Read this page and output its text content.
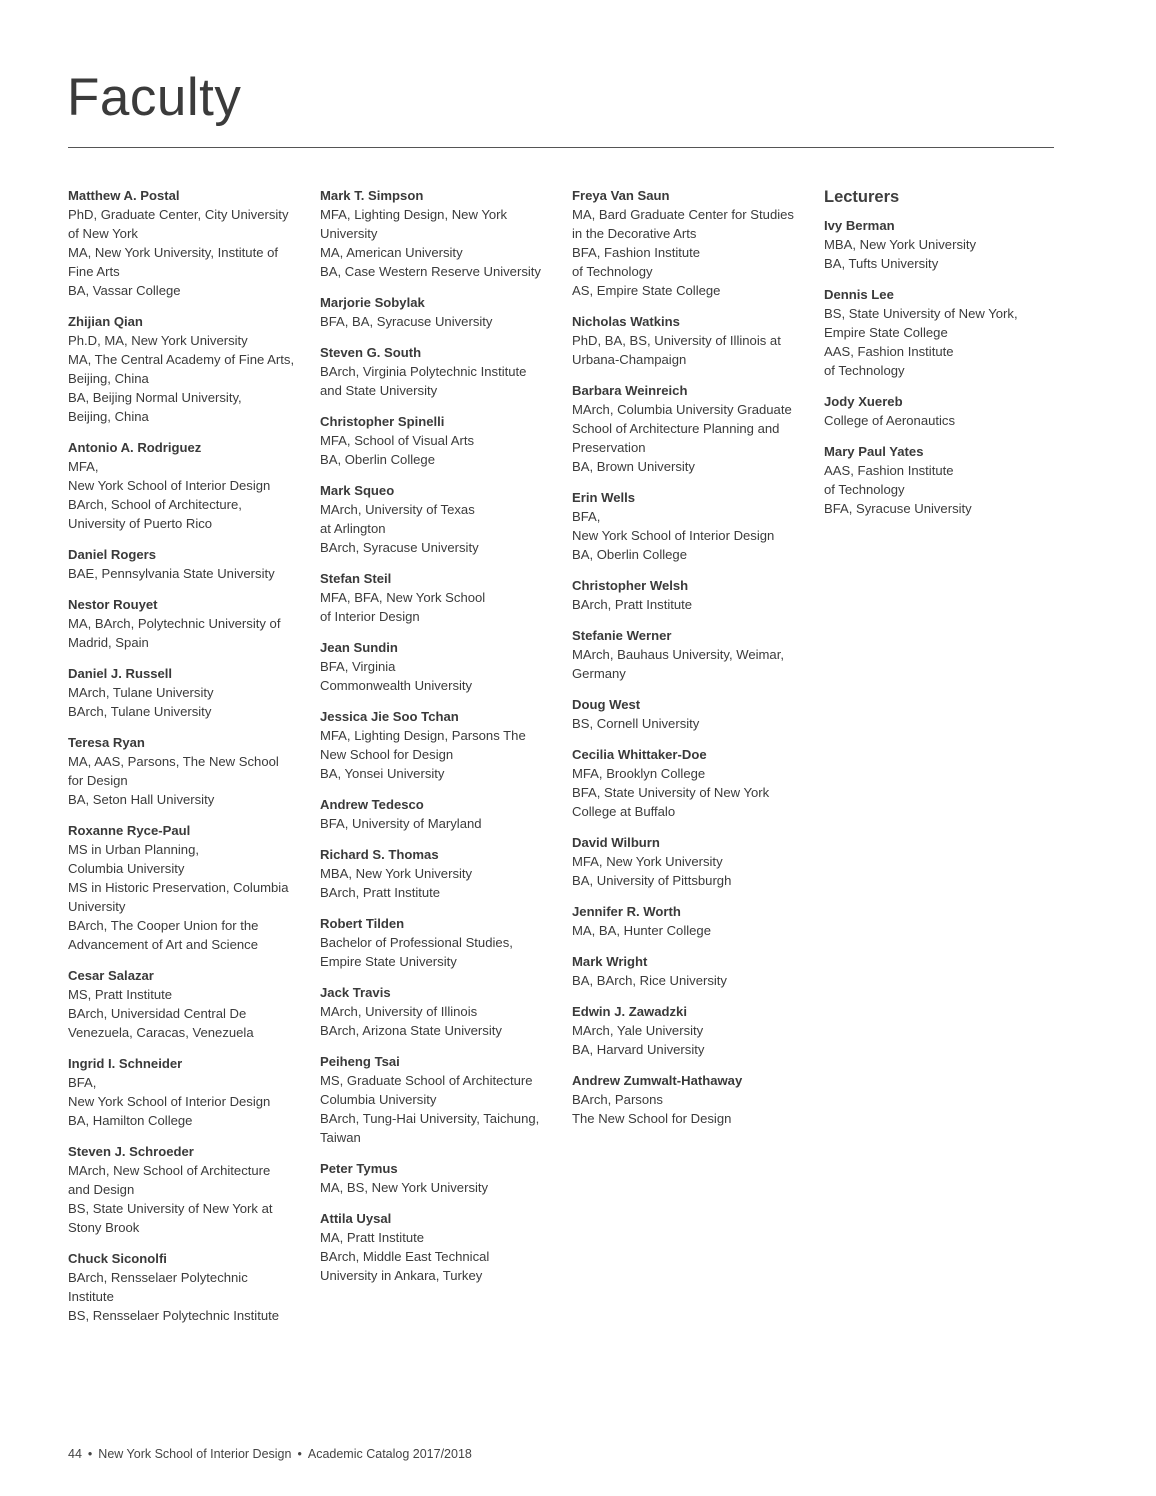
Faculty
Matthew A. Postal
PhD, Graduate Center, City University
of New York
MA, New York University, Institute of
Fine Arts
BA, Vassar College
Zhijian Qian
Ph.D, MA, New York University
MA, The Central Academy of Fine Arts,
Beijing, China
BA, Beijing Normal University,
Beijing, China
Antonio A. Rodriguez
MFA,
New York School of Interior Design
BArch, School of Architecture,
University of Puerto Rico
Daniel Rogers
BAE, Pennsylvania State University
Nestor Rouyet
MA, BArch, Polytechnic University of
Madrid, Spain
Daniel J. Russell
MArch, Tulane University
BArch, Tulane University
Teresa Ryan
MA, AAS, Parsons, The New School
for Design
BA, Seton Hall University
Roxanne Ryce-Paul
MS in Urban Planning,
Columbia University
MS in Historic Preservation, Columbia
University
BArch, The Cooper Union for the
Advancement of Art and Science
Cesar Salazar
MS, Pratt Institute
BArch, Universidad Central De
Venezuela, Caracas, Venezuela
Ingrid I. Schneider
BFA,
New York School of Interior Design
BA, Hamilton College
Steven J. Schroeder
MArch, New School of Architecture
and Design
BS, State University of New York at
Stony Brook
Chuck Siconolfi
BArch, Rensselaer Polytechnic
Institute
BS, Rensselaer Polytechnic Institute
Mark T. Simpson
MFA, Lighting Design, New York
University
MA, American University
BA, Case Western Reserve University
Marjorie Sobylak
BFA, BA, Syracuse University
Steven G. South
BArch, Virginia Polytechnic Institute
and State University
Christopher Spinelli
MFA, School of Visual Arts
BA, Oberlin College
Mark Squeo
MArch, University of Texas
at Arlington
BArch, Syracuse University
Stefan Steil
MFA, BFA, New York School
of Interior Design
Jean Sundin
BFA, Virginia
Commonwealth University
Jessica Jie Soo Tchan
MFA, Lighting Design, Parsons The
New School for Design
BA, Yonsei University
Andrew Tedesco
BFA, University of Maryland
Richard S. Thomas
MBA, New York University
BArch, Pratt Institute
Robert Tilden
Bachelor of Professional Studies,
Empire State University
Jack Travis
MArch, University of Illinois
BArch, Arizona State University
Peiheng Tsai
MS, Graduate School of Architecture
Columbia University
BArch, Tung-Hai University, Taichung,
Taiwan
Peter Tymus
MA, BS, New York University
Attila Uysal
MA, Pratt Institute
BArch, Middle East Technical
University in Ankara, Turkey
Freya Van Saun
MA, Bard Graduate Center for Studies
in the Decorative Arts
BFA, Fashion Institute
of Technology
AS, Empire State College
Nicholas Watkins
PhD, BA, BS, University of Illinois at
Urbana-Champaign
Barbara Weinreich
MArch, Columbia University Graduate
School of Architecture Planning and
Preservation
BA, Brown University
Erin Wells
BFA,
New York School of Interior Design
BA, Oberlin College
Christopher Welsh
BArch, Pratt Institute
Stefanie Werner
MArch, Bauhaus University, Weimar,
Germany
Doug West
BS, Cornell University
Cecilia Whittaker-Doe
MFA, Brooklyn College
BFA, State University of New York
College at Buffalo
David Wilburn
MFA, New York University
BA, University of Pittsburgh
Jennifer R. Worth
MA, BA, Hunter College
Mark Wright
BA, BArch, Rice University
Edwin J. Zawadzki
MArch, Yale University
BA, Harvard University
Andrew Zumwalt-Hathaway
BArch, Parsons
The New School for Design
Lecturers
Ivy Berman
MBA, New York University
BA, Tufts University
Dennis Lee
BS, State University of New York,
Empire State College
AAS, Fashion Institute
of Technology
Jody Xuereb
College of Aeronautics
Mary Paul Yates
AAS, Fashion Institute
of Technology
BFA, Syracuse University
44 • New York School of Interior Design • Academic Catalog 2017/2018
